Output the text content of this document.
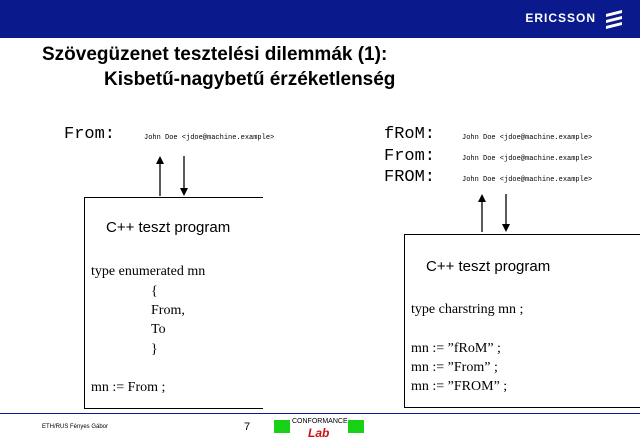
ERICSSON
Szövegüzenet tesztelési dilemmák (1):
Kisbetű-nagybetű érzéketlenség
From:	John Doe <jdoe@machine.example>
C++ teszt program
type enumerated mn
{
From,
To
}
mn := From ;
fRoM:	John Doe <jdoe@machine.example>
From:	John Doe <jdoe@machine.example>
FROM:	John Doe <jdoe@machine.example>
C++ teszt program
type charstring mn ;
mn := ”fRoM” ;
mn := ”From” ;
mn := ”FROM” ;
ETH/RUS Fényes Gábor	7	CONFORMANCE
Lab
